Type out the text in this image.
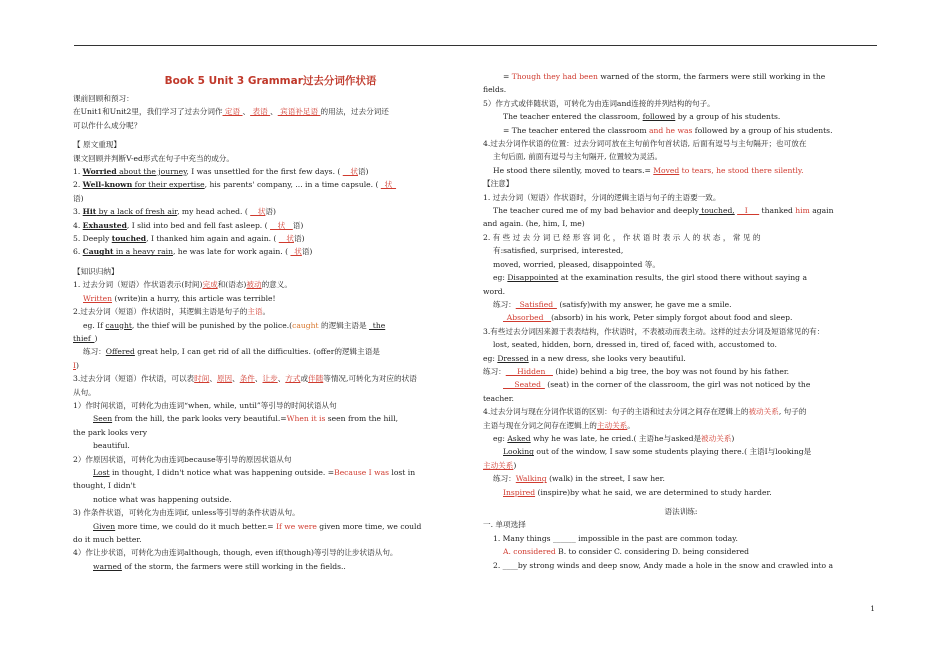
Book 5 Unit 3 Grammar过去分词作状语
课前回顾和预习：
在Unit1和Unit2里，我们学习了过去分词作 定语 、 表语 、 宾语补足语 的用法，过去分词还
可以作什么成分呢？
【 原文重现】
课文回顾并判断V-ed形式在句子中充当的成分。
1. Worried about the journey, I was unsettled for the first few days. ( __状语)
2. Well-known for their expertise, his parents' company, ... in a time capsule. ( _状_
语)
3. Hit by a lack of fresh air, my head ached. ( __状语)
4. Exhausted, I slid into bed and fell fast asleep. ( __状__语)
5. Deeply touched, I thanked him again and again. ( __状语)
6. Caught in a heavy rain, he was late for work again. ( _状语)
【知识归纳】
1. 过去分词（短语）作状语表示(时间)完成和(语态)被动的意义。
Written (write)in a hurry, this article was terrible!
2.过去分词（短语）作状语时，其逻辑主语是句子的主语。
eg. If caught, the thief will be punished by the police.(caught 的逻辑主语是 _the
thief_)
练习：Offered great help, I can get rid of all the difficulties. (offer的逻辑主语是
I)
3.过去分词（短语）作状语，可以表时间、原因、条件、让步、方式或伴随等情况,可转化为对应的状语
从句。
1）作时间状语，可转化为由连词“when, while, until”等引导的时间状语从句
Seen from the hill, the park looks very beautiful.=When it is seen from the hill,
the park looks very
beautiful.
2）作原因状语，可转化为由连词because等引导的原因状语从句
Lost in thought, I didn't notice what was happening outside. =Because I was lost in
thought, I didn't
notice what was happening outside.
3) 作条件状语，可转化为由连词if, unless等引导的条件状语从句。
Given more time, we could do it much better.= If we were given more time, we could
do it much better.
4）作让步状语，可转化为由连词although, though, even if(though)等引导的让步状语从句。
warned of the storm, the farmers were still working in the fields..
= Though they had been warned of the storm, the farmers were still working in the
fields.
5）作方式或伴随状语，可转化为由连词and连接的并列结构的句子。
The teacher entered the classroom, followed by a group of his students.
= The teacher entered the classroom and he was followed by a group of his students.
4.过去分词作状语的位置：过去分词可放在主句前作句首状语, 后面有逗号与主句隔开；也可放在
主句后面, 前面有逗号与主句隔开, 位置较为灵活。
He stood there silently, moved to tears.= Moved to tears, he stood there silently.
【注意】
1. 过去分词（短语）作状语时，分词的逻辑主语与句子的主语要一致。
The teacher cured me of my bad behavior and deeply touched, __I___ thanked him again
and again. (he, him, I, me)
2. 有 些 过 去 分 词 已 经 形 容 词 化 ， 作 状 语 时 表 示 人 的 状 态 ， 常 见 的
有:satisfied, surprised, interested,
moved, worried, pleased, disappointed 等。
eg: Disappointed at the examination results, the girl stood there without saying a
word.
练习：_Satisfied_ (satisfy)with my answer, he gave me a smile.
_Absorbed__(absorb) in his work, Peter simply forgot about food and sleep.
3.有些过去分词因来源于表表结构，作状语时，不表被动而表主动。这样的过去分词及短语常见的有：
lost, seated, hidden, born, dressed in, tired of, faced with, accustomed to.
eg: Dressed in a new dress, she looks very beautiful.
练习：___Hidden__ (hide) behind a big tree, the boy was not found by his father.
___Seated_ (seat) in the corner of the classroom, the girl was not noticed by the
teacher.
4.过去分词与现在分词作状语的区别：句子的主语和过去分词之间存在逻辑上的被动关系, 句子的
主语与现在分词之间存在逻辑上的主动关系。
eg: Asked why he was late, he cried.( 主语he与asked是被动关系)
Looking out of the window, I saw some students playing there.( 主语I与looking是
主动关系)
练习：Walking (walk) in the street, I saw her.
Inspired (inspire)by what he said, we are determined to study harder.
语法训练:
一. 单项选择
1. Many things ______ impossible in the past are common today.
A. considered B. to consider C. considering D. being considered
2. ____by strong winds and deep snow, Andy made a hole in the snow and crawled into a
1
